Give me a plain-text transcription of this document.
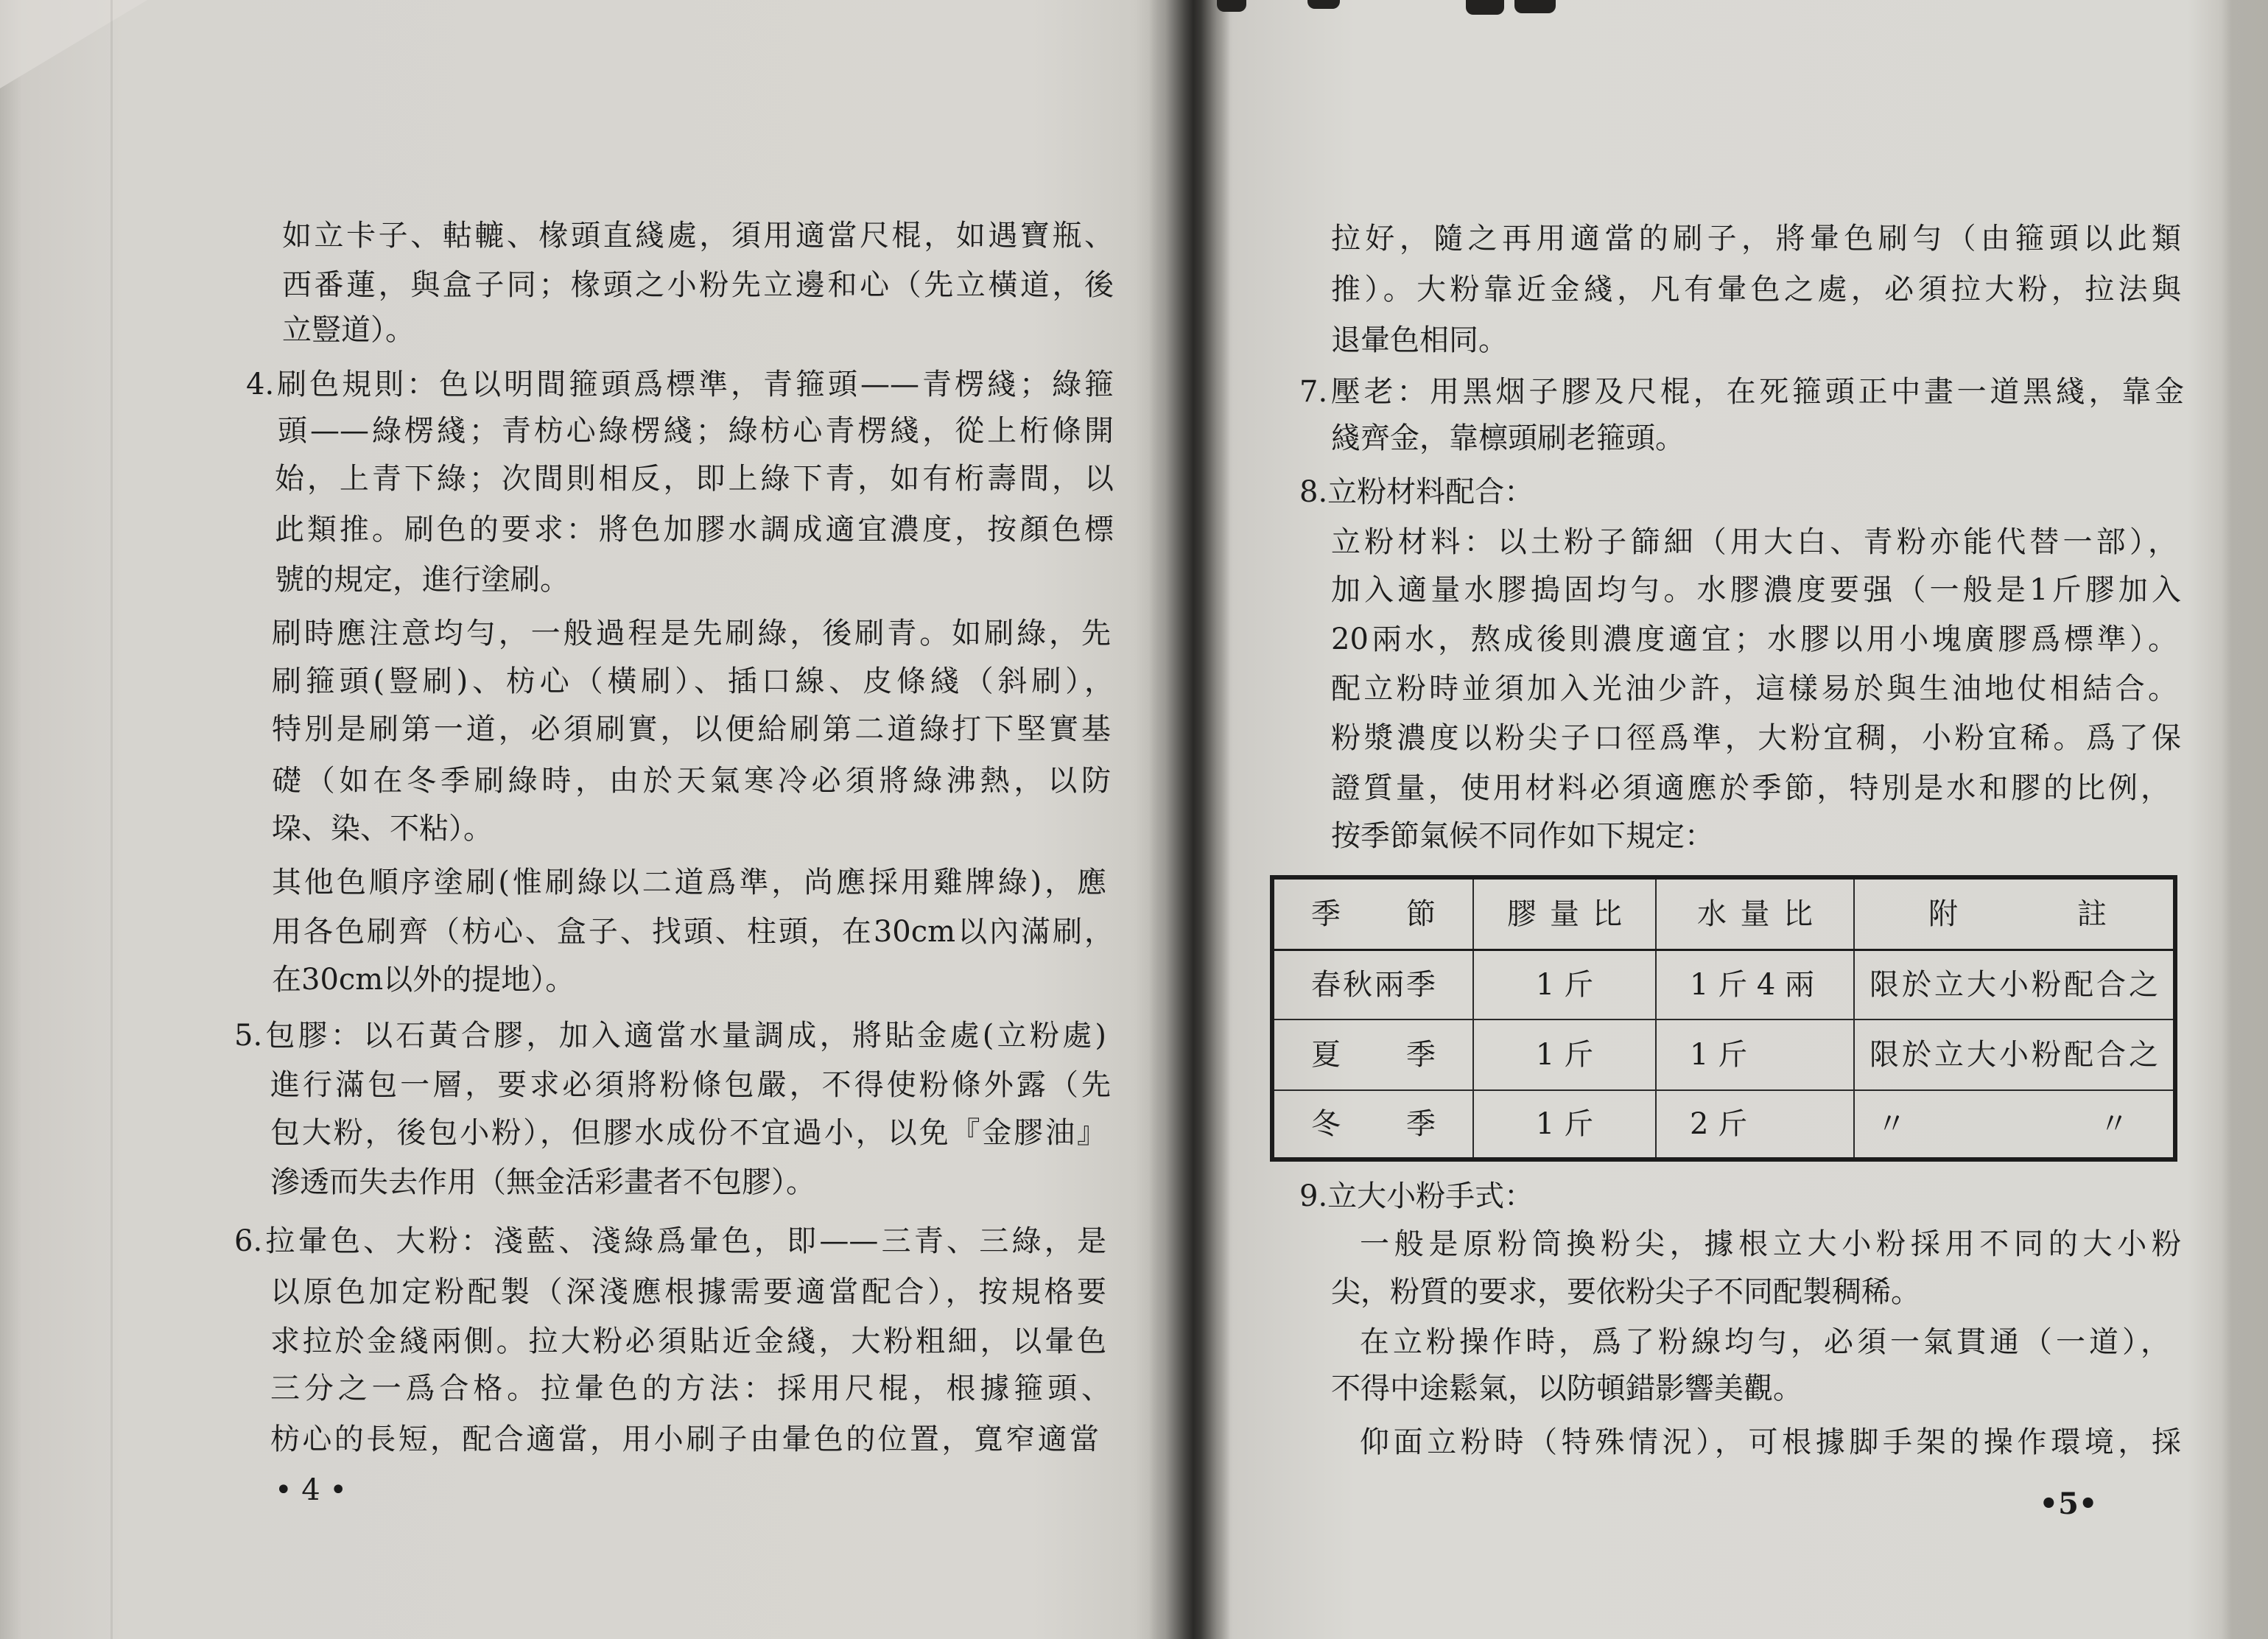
如立卡子、軲轆、椽頭直綫處，須用適當尺棍，如遇寶瓶、
西番蓮，與盒子同；椽頭之小粉先立邊和心（先立橫道，後
立豎道）。
4.刷色規則：色以明間箍頭爲標準，青箍頭——青楞綫；綠箍
頭——綠楞綫；青枋心綠楞綫；綠枋心青楞綫，從上桁條開
始，上青下綠；次間則相反，即上綠下青，如有桁壽間，以
此類推。刷色的要求：將色加膠水調成適宜濃度，按顏色標
號的規定，進行塗刷。
刷時應注意均勻，一般過程是先刷綠，後刷青。如刷綠，先
刷箍頭(豎刷)、枋心（橫刷）、插口線、皮條綫（斜刷），
特別是刷第一道，必須刷實，以便給刷第二道綠打下堅實基
礎（如在冬季刷綠時，由於天氣寒冷必須將綠沸熱，以防
垜、染、不粘）。
其他色順序塗刷(惟刷綠以二道爲準，尚應採用雞牌綠)，應
用各色刷齊（枋心、盒子、找頭、柱頭，在30cm以內滿刷，
在30cm以外的提地）。
5.包膠：以石黃合膠，加入適當水量調成，將貼金處(立粉處)
進行滿包一層，要求必須將粉條包嚴，不得使粉條外露（先
包大粉，後包小粉），但膠水成份不宜過小，以免『金膠油』
滲透而失去作用（無金活彩畫者不包膠）。
6.拉暈色、大粉：淺藍、淺綠爲暈色，即——三青、三綠，是
以原色加定粉配製（深淺應根據需要適當配合），按規格要
求拉於金綫兩側。拉大粉必須貼近金綫，大粉粗細，以暈色
三分之一爲合格。拉暈色的方法：採用尺棍，根據箍頭、
枋心的長短，配合適當，用小刷子由暈色的位置，寬窄適當
• 4 •
拉好，隨之再用適當的刷子，將暈色刷勻（由箍頭以此類
推）。大粉靠近金綫，凡有暈色之處，必須拉大粉，拉法與
退暈色相同。
7.壓老：用黑烟子膠及尺棍，在死箍頭正中畫一道黑綫，靠金
綫齊金，靠檩頭刷老箍頭。
8.立粉材料配合：
立粉材料：以土粉子篩細（用大白、青粉亦能代替一部），
加入適量水膠搗固均勻。水膠濃度要强（一般是1斤膠加入
20兩水，熬成後則濃度適宜；水膠以用小塊廣膠爲標準）。
配立粉時並須加入光油少許，這樣易於與生油地仗相結合。
粉漿濃度以粉尖子口徑爲準，大粉宜稠，小粉宜稀。爲了保
證質量，使用材料必須適應於季節，特別是水和膠的比例，
按季節氣候不同作如下規定：
季 節	膠量比	水量比	附 註

春秋兩季	1 斤	1 斤 4 兩	限於立大小粉配合之

夏 季	1 斤	1 斤	限於立大小粉配合之

冬 季	1 斤	2 斤	〃 〃
9.立大小粉手式：
一般是原粉筒換粉尖，據根立大小粉採用不同的大小粉
尖，粉質的要求，要依粉尖子不同配製稠稀。
在立粉操作時，爲了粉線均勻，必須一氣貫通（一道），
不得中途鬆氣，以防頓錯影響美觀。
仰面立粉時（特殊情況），可根據脚手架的操作環境，採
•5•
